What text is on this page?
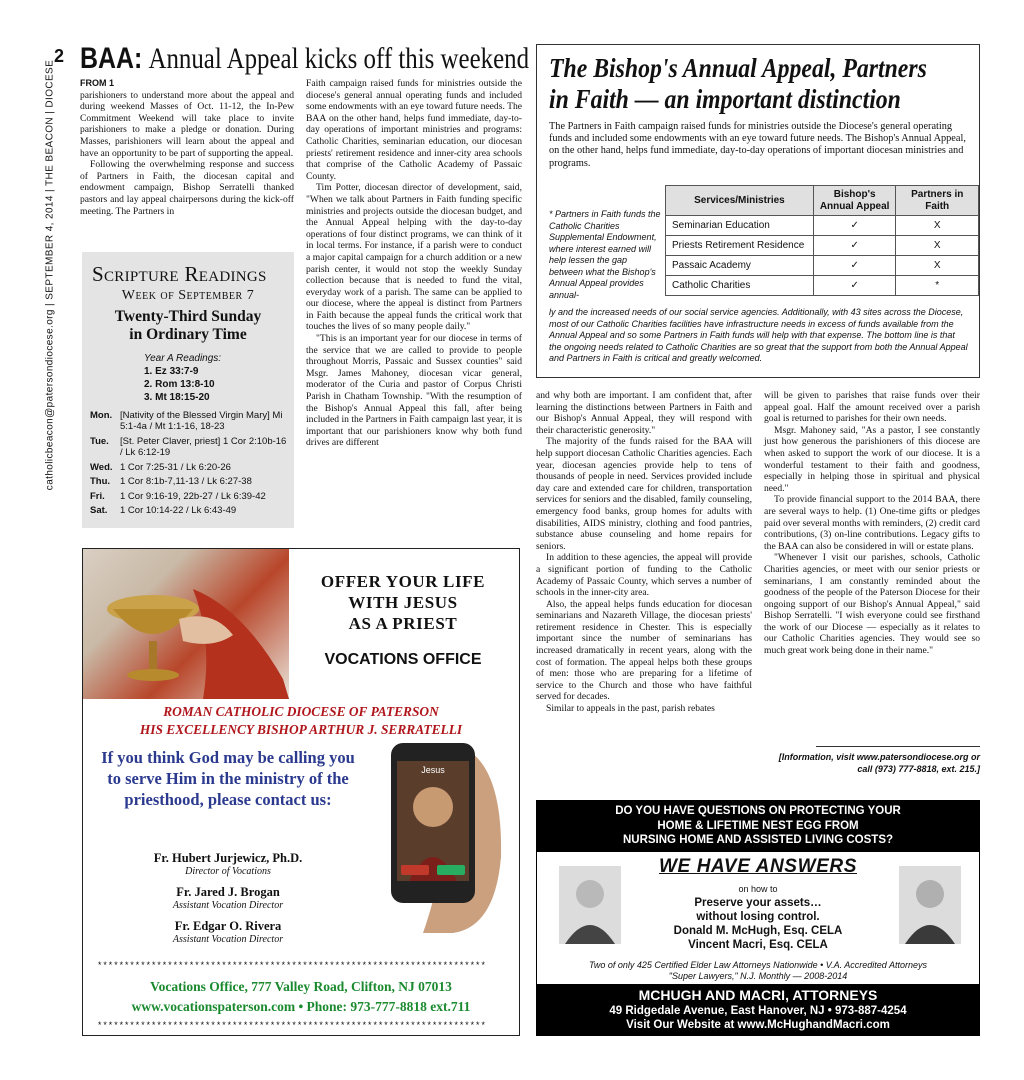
2
catholicbeacon@patersondiocese.org | SEPTEMBER 4, 2014 | THE BEACON | DIOCESE
BAA: Annual Appeal kicks off this weekend

FROM 1

parishioners to understand more about the appeal and during weekend Masses of Oct. 11-12, the In-Pew Commitment Weekend will take place to invite parishioners to make a pledge or donation. During Masses, parishioners will learn about the appeal and have an opportunity to be part of supporting the appeal.

Following the overwhelming response and success of Partners in Faith, the diocesan capital and endowment campaign, Bishop Serratelli thanked pastors and lay appeal chairpersons during the kick-off meeting. The Partners in

Faith campaign raised funds for ministries outside the diocese's general annual operating funds and included some endowments with an eye toward future needs. The BAA on the other hand, helps fund immediate, day-to-day operations of important ministries and programs: Catholic Charities, seminarian education, our diocesan priests' retirement residence and inner-city area schools that comprise of the Catholic Academy of Passaic County.

Tim Potter, diocesan director of development, said, "When we talk about Partners in Faith funding specific ministries and projects outside the diocesan budget, and the Annual Appeal helping with the day-to-day operations of four distinct programs, we can think of it in local terms. For instance, if a parish were to conduct a major capital campaign for a church addition or a new parish center, it would not stop the weekly Sunday collection because that is needed to fund the vital, everyday work of a parish. The same can be applied to our diocese, where the appeal is distinct from Partners in Faith because the appeal funds the critical work that touches the lives of so many people daily."

"This is an important year for our diocese in terms of the service that we are called to provide to people throughout Morris, Passaic and Sussex counties" said Msgr. James Mahoney, diocesan vicar general, moderator of the Curia and pastor of Corpus Christi Parish in Chatham Township. "With the resumption of the Bishop's Annual Appeal this fall, after being included in the Partners in Faith campaign last year, it is important that our parishioners know why both fund drives are different

Scripture Readings
Week of September 7
Twenty-Third Sunday
in Ordinary Time
Year A Readings:
1. Ez 33:7-9
2. Rom 13:8-10
3. Mt 18:15-20
Mon.	[Nativity of the Blessed Virgin Mary] Mi 5:1-4a / Mt 1:1-16, 18-23
Tue.	[St. Peter Claver, priest] 1 Cor 2:10b-16 / Lk 6:12-19
Wed.	1 Cor 7:25-31 / Lk 6:20-26
Thu.	1 Cor 8:1b-7,11-13 / Lk 6:27-38
Fri.	1 Cor 9:16-19, 22b-27 / Lk 6:39-42
Sat.	1 Cor 10:14-22 / Lk 6:43-49
The Bishop's Annual Appeal, Partners
in Faith — an important distinction
The Partners in Faith campaign raised funds for ministries outside the Diocese's general operating funds and included some endowments with an eye toward future needs. The Bishop's Annual Appeal, on the other hand, helps fund immediate, day-to-day operations of important diocesan ministries and programs.
Services/Ministries	Bishop's Annual Appeal	Partners in Faith
Seminarian Education	✓	X
Priests Retirement Residence	✓	X
Passaic Academy	✓	X
Catholic Charities	✓	*
* Partners in Faith funds the Catholic Charities Supplemental Endowment, where interest earned will help lessen the gap between what the Bishop's Annual Appeal provides annual-
ly and the increased needs of our social service agencies. Additionally, with 43 sites across the Diocese, most of our Catholic Charities facilities have infrastructure needs in excess of funds available from the Annual Appeal and so some Partners in Faith funds will help with that expense. The bottom line is that the ongoing needs related to Catholic Charities are so great that the support from both the Annual Appeal and Partners in Faith is critical and greatly welcomed.

and why both are important. I am confident that, after learning the distinctions between Partners in Faith and our Bishop's Annual Appeal, they will respond with their characteristic generosity."

The majority of the funds raised for the BAA will help support diocesan Catholic Charities agencies. Each year, diocesan agencies provide help to tens of thousands of people in need. Services provided include day care and extended care for children, transportation services for seniors and the disabled, family counseling, emergency food banks, group homes for adults with disabilities, AIDS ministry, clothing and food pantries, substance abuse counseling and home repairs for seniors.

In addition to these agencies, the appeal will provide a significant portion of funding to the Catholic Academy of Passaic County, which serves a number of schools in the inner-city area.

Also, the appeal helps funds education for diocesan seminarians and Nazareth Village, the diocesan priests' retirement residence in Chester. This is especially important since the number of seminarians has increased dramatically in recent years, along with the cost of formation. The appeal helps both these groups of men: those who are preparing for a lifetime of service to the Church and those who have faithful served for decades.

Similar to appeals in the past, parish rebates

will be given to parishes that raise funds over their appeal goal. Half the amount received over a parish goal is returned to parishes for their own needs.

Msgr. Mahoney said, "As a pastor, I see constantly just how generous the parishioners of this diocese are when asked to support the work of our diocese. It is a wonderful testament to their faith and goodness, especially in helping those in spiritual and physical need."

To provide financial support to the 2014 BAA, there are several ways to help. (1) One-time gifts or pledges paid over several months with reminders, (2) credit card contributions, (3) on-line contributions. Legacy gifts to the BAA can also be considered in will or estate plans.

"Whenever I visit our parishes, schools, Catholic Charities agencies, or meet with our senior priests or seminarians, I am constantly reminded about the goodness of the people of the Paterson Diocese for their ongoing support of our Bishop's Annual Appeal," said Bishop Serratelli. "I wish everyone could see firsthand the work of our Diocese — especially as it relates to our Catholic Charities agencies. They would see so much great work being done in their name."

[Information, visit www.patersondiocese.org or call (973) 777-8818, ext. 215.]
OFFER YOUR LIFE
WITH JESUS
AS A PRIEST
VOCATIONS OFFICE
ROMAN CATHOLIC DIOCESE OF PATERSON
HIS EXCELLENCY BISHOP ARTHUR J. SERRATELLI
If you think God may be calling you to serve Him in the ministry of the priesthood, please contact us:
Fr. Hubert Jurjewicz, Ph.D.
Director of Vocations
Fr. Jared J. Brogan
Assistant Vocation Director
Fr. Edgar O. Rivera
Assistant Vocation Director
Jesus
************************************************************************
Vocations Office, 777 Valley Road, Clifton, NJ 07013
www.vocationspaterson.com • Phone: 973-777-8818 ext.711
************************************************************************
DO YOU HAVE QUESTIONS ON PROTECTING YOUR
HOME & LIFETIME NEST EGG FROM
NURSING HOME AND ASSISTED LIVING COSTS?
WE HAVE ANSWERS
on how to
Preserve your assets…
without losing control.
Donald M. McHugh, Esq. CELA
Vincent Macri, Esq. CELA
Two of only 425 Certified Elder Law Attorneys Nationwide • V.A. Accredited Attorneys
"Super Lawyers," N.J. Monthly — 2008-2014
MCHUGH AND MACRI, ATTORNEYS
49 Ridgedale Avenue, East Hanover, NJ • 973-887-4254
Visit Our Website at www.McHughandMacri.com
